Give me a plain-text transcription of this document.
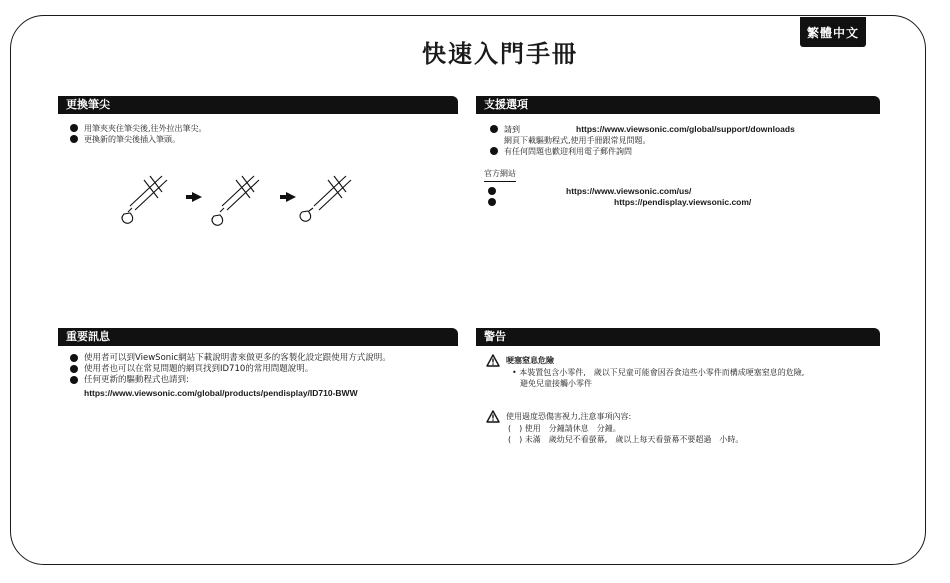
繁體中文
快速入門手冊
更換筆尖
用筆夾夾住筆尖後,往外拉出筆尖。
更換新的筆尖後插入筆頭。
支援選項
請到	https://www.viewsonic.com/global/support/downloads
網頁下載驅動程式,使用手冊跟常見問題。
有任何問題也歡迎利用電子郵件詢問
官方網站
https://www.viewsonic.com/us/
https://pendisplay.viewsonic.com/
重要訊息
使用者可以到ViewSonic網站下載說明書來做更多的客製化設定跟使用方式說明。
使用者也可以在常見問題的網頁找到ID710的常用問題說明。
任何更新的驅動程式也請到:
https://www.viewsonic.com/global/products/pendisplay/ID710-BWW
警告
哽塞窒息危險
• 本裝置包含小零件,　歲以下兒童可能會因吞食這些小零件而構成哽塞窒息的危險,
避免兒童接觸小零件
使用過度恐傷害視力,注意事項內容:
(　) 使用　分鐘請休息　分鐘。
(　) 未滿　歲幼兒不看螢幕,　歲以上每天看螢幕不要超過　小時。
